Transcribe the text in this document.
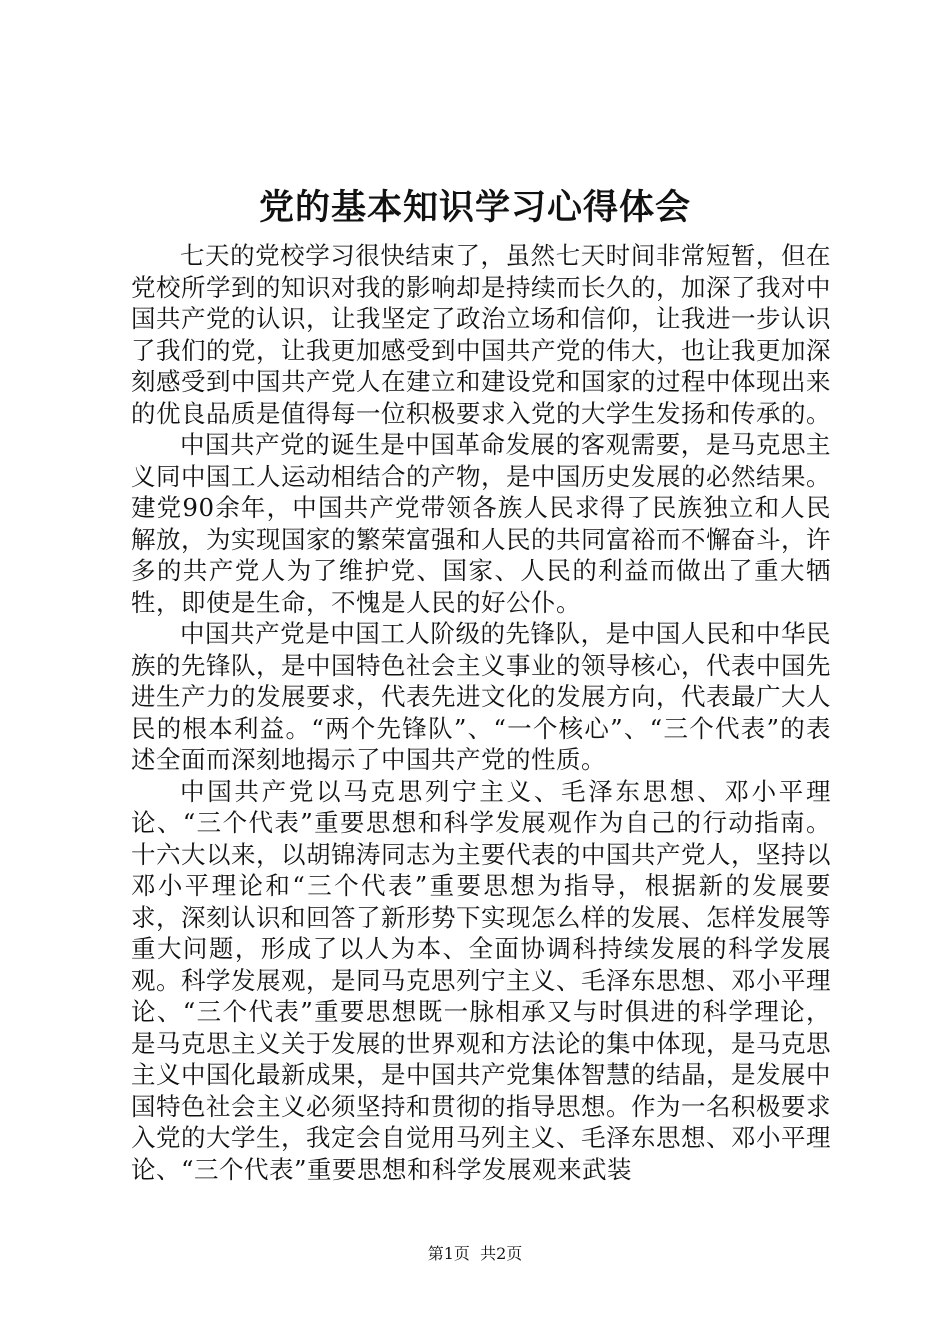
党的基本知识学习心得体会

七天的党校学习很快结束了，虽然七天时间非常短暂，但在党校所学到的知识对我的影响却是持续而长久的，加深了我对中国共产党的认识，让我坚定了政治立场和信仰，让我进一步认识了我们的党，让我更加感受到中国共产党的伟大，也让我更加深刻感受到中国共产党人在建立和建设党和国家的过程中体现出来的优良品质是值得每一位积极要求入党的大学生发扬和传承的。

中国共产党的诞生是中国革命发展的客观需要，是马克思主义同中国工人运动相结合的产物，是中国历史发展的必然结果。建党90余年，中国共产党带领各族人民求得了民族独立和人民解放，为实现国家的繁荣富强和人民的共同富裕而不懈奋斗，许多的共产党人为了维护党、国家、人民的利益而做出了重大牺牲，即使是生命，不愧是人民的好公仆。

中国共产党是中国工人阶级的先锋队，是中国人民和中华民族的先锋队，是中国特色社会主义事业的领导核心，代表中国先进生产力的发展要求，代表先进文化的发展方向，代表最广大人民的根本利益。“两个先锋队”、“一个核心”、“三个代表”的表述全面而深刻地揭示了中国共产党的性质。

中国共产党以马克思列宁主义、毛泽东思想、邓小平理论、“三个代表”重要思想和科学发展观作为自己的行动指南。十六大以来，以胡锦涛同志为主要代表的中国共产党人，坚持以邓小平理论和“三个代表”重要思想为指导，根据新的发展要求，深刻认识和回答了新形势下实现怎么样的发展、怎样发展等重大问题，形成了以人为本、全面协调科持续发展的科学发展观。科学发展观，是同马克思列宁主义、毛泽东思想、邓小平理论、“三个代表”重要思想既一脉相承又与时俱进的科学理论，是马克思主义关于发展的世界观和方法论的集中体现，是马克思主义中国化最新成果，是中国共产党集体智慧的结晶，是发展中国特色社会主义必须坚持和贯彻的指导思想。作为一名积极要求入党的大学生，我定会自觉用马列主义、毛泽东思想、邓小平理论、“三个代表”重要思想和科学发展观来武装

第1页  共2页
